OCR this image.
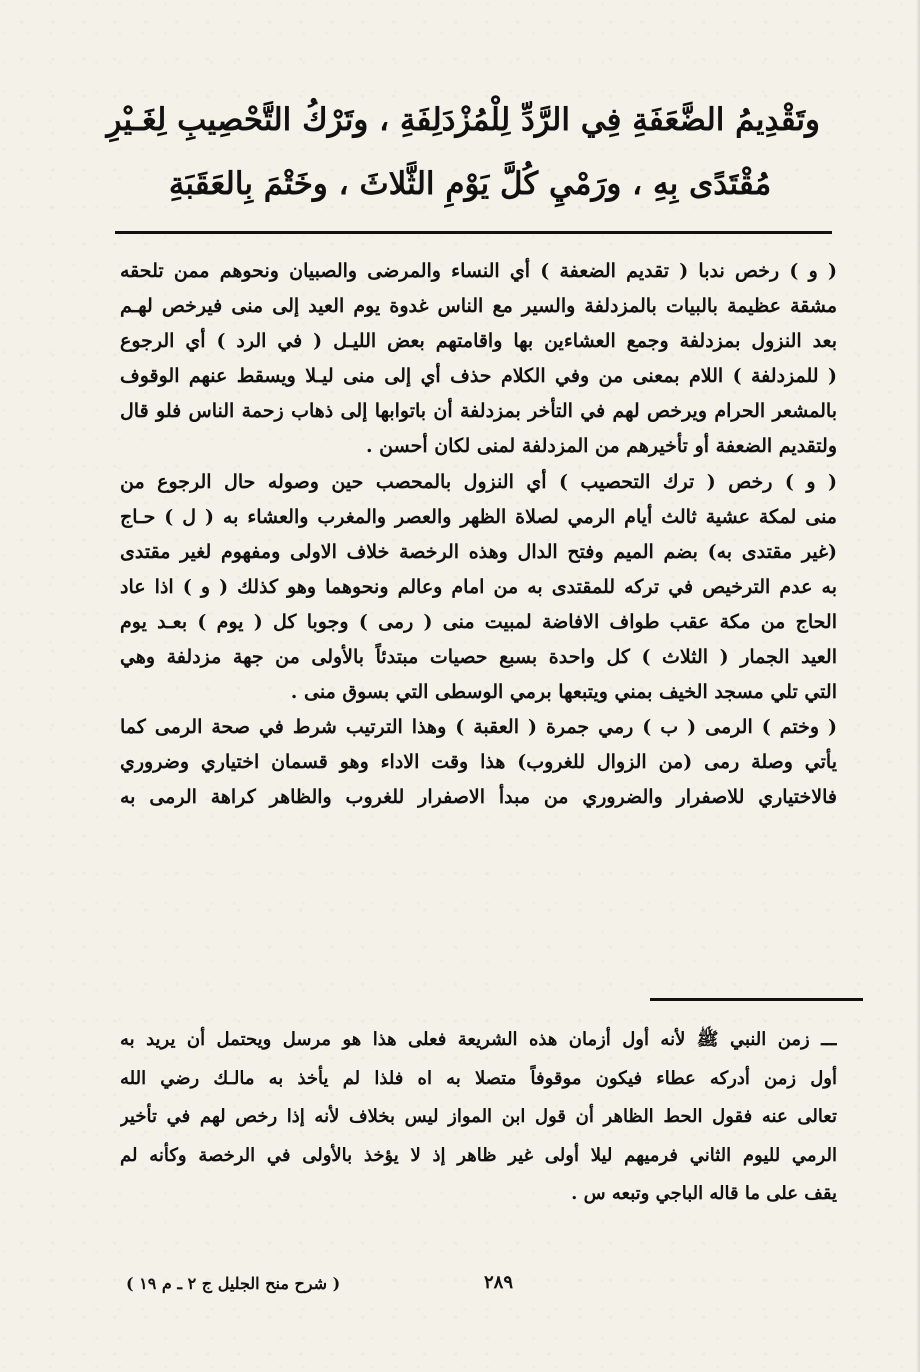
وتَقْدِيمُ الضَّعَفَةِ فِي الرَّدِّ لِلْمُزْدَلِفَةِ ، وتَرْكُ التَّحْصِيبِ لِغَـيْرِ
مُقْتَدًى بِهِ ، ورَمْيِ كُلَّ يَوْمِ الثَّلاثَ ، وخَتْمَ بِالعَقَبَةِ
( و ) رخص ندبا ( تقديم الضعفة ) أي النساء والمرضى والصبيان ونحوهم ممن تلحقه
مشقة عظيمة بالبيات بالمزدلفة والسير مع الناس غدوة يوم العيد إلى منى فيرخص لهـم
بعد النزول بمزدلفة وجمع العشاءين بها واقامتهم بعض الليـل ( في الرد ) أي الرجوع
( للمزدلفة ) اللام بمعنى من وفي الكلام حذف أي إلى منى ليـلا ويسقط عنهم الوقوف
بالمشعر الحرام ويرخص لهم في التأخر بمزدلفة أن باتوابها إلى ذهاب زحمة الناس فلو قال
ولتقديم الضعفة أو تأخيرهم من المزدلفة لمنى لكان أحسن .
( و ) رخص ( ترك التحصيب ) أي النزول بالمحصب حين وصوله حال الرجوع من
منى لمكة عشية ثالث أيام الرمي لصلاة الظهر والعصر والمغرب والعشاء به ( ل ) حـاج
(غير مقتدى به) بضم الميم وفتح الدال وهذه الرخصة خلاف الاولى ومفهوم لغير مقتدى
به عدم الترخيص في تركه للمقتدى به من امام وعالم ونحوهما وهو كذلك ( و ) اذا عاد
الحاج من مكة عقب طواف الافاضة لمبيت منى ( رمى ) وجوبا كل ( يوم ) بعـد يوم
العيد الجمار ( الثلاث ) كل واحدة بسبع حصيات مبتدئاً بالأولى من جهة مزدلفة وهي
التي تلي مسجد الخيف بمني ويتبعها برمي الوسطى التي بسوق منى .
( وختم ) الرمى ( ب ) رمي جمرة ( العقبة ) وهذا الترتيب شرط في صحة الرمى كما
يأتي وصلة رمى (من الزوال للغروب) هذا وقت الاداء وهو قسمان اختياري وضروري
فالاختياري للاصفرار والضروري من مبدأ الاصفرار للغروب والظاهر كراهة الرمى به
ـــ زمن النبي ﷺ لأنه أول أزمان هذه الشريعة فعلى هذا هو مرسل ويحتمل أن يريد به
أول زمن أدركه عطاء فيكون موقوفاً متصلا به اه فلذا لم يأخذ به مالـك رضي الله
تعالى عنه فقول الحط الظاهر أن قول ابن المواز ليس بخلاف لأنه إذا رخص لهم في تأخير
الرمي لليوم الثاني فرميهم ليلا أولى غير ظاهر إذ لا يؤخذ بالأولى في الرخصة وكأنه لم
يقف على ما قاله الباجي وتبعه س .
٢٨٩
( شرح منح الجليل ج ٢ ـ م ١٩ )
